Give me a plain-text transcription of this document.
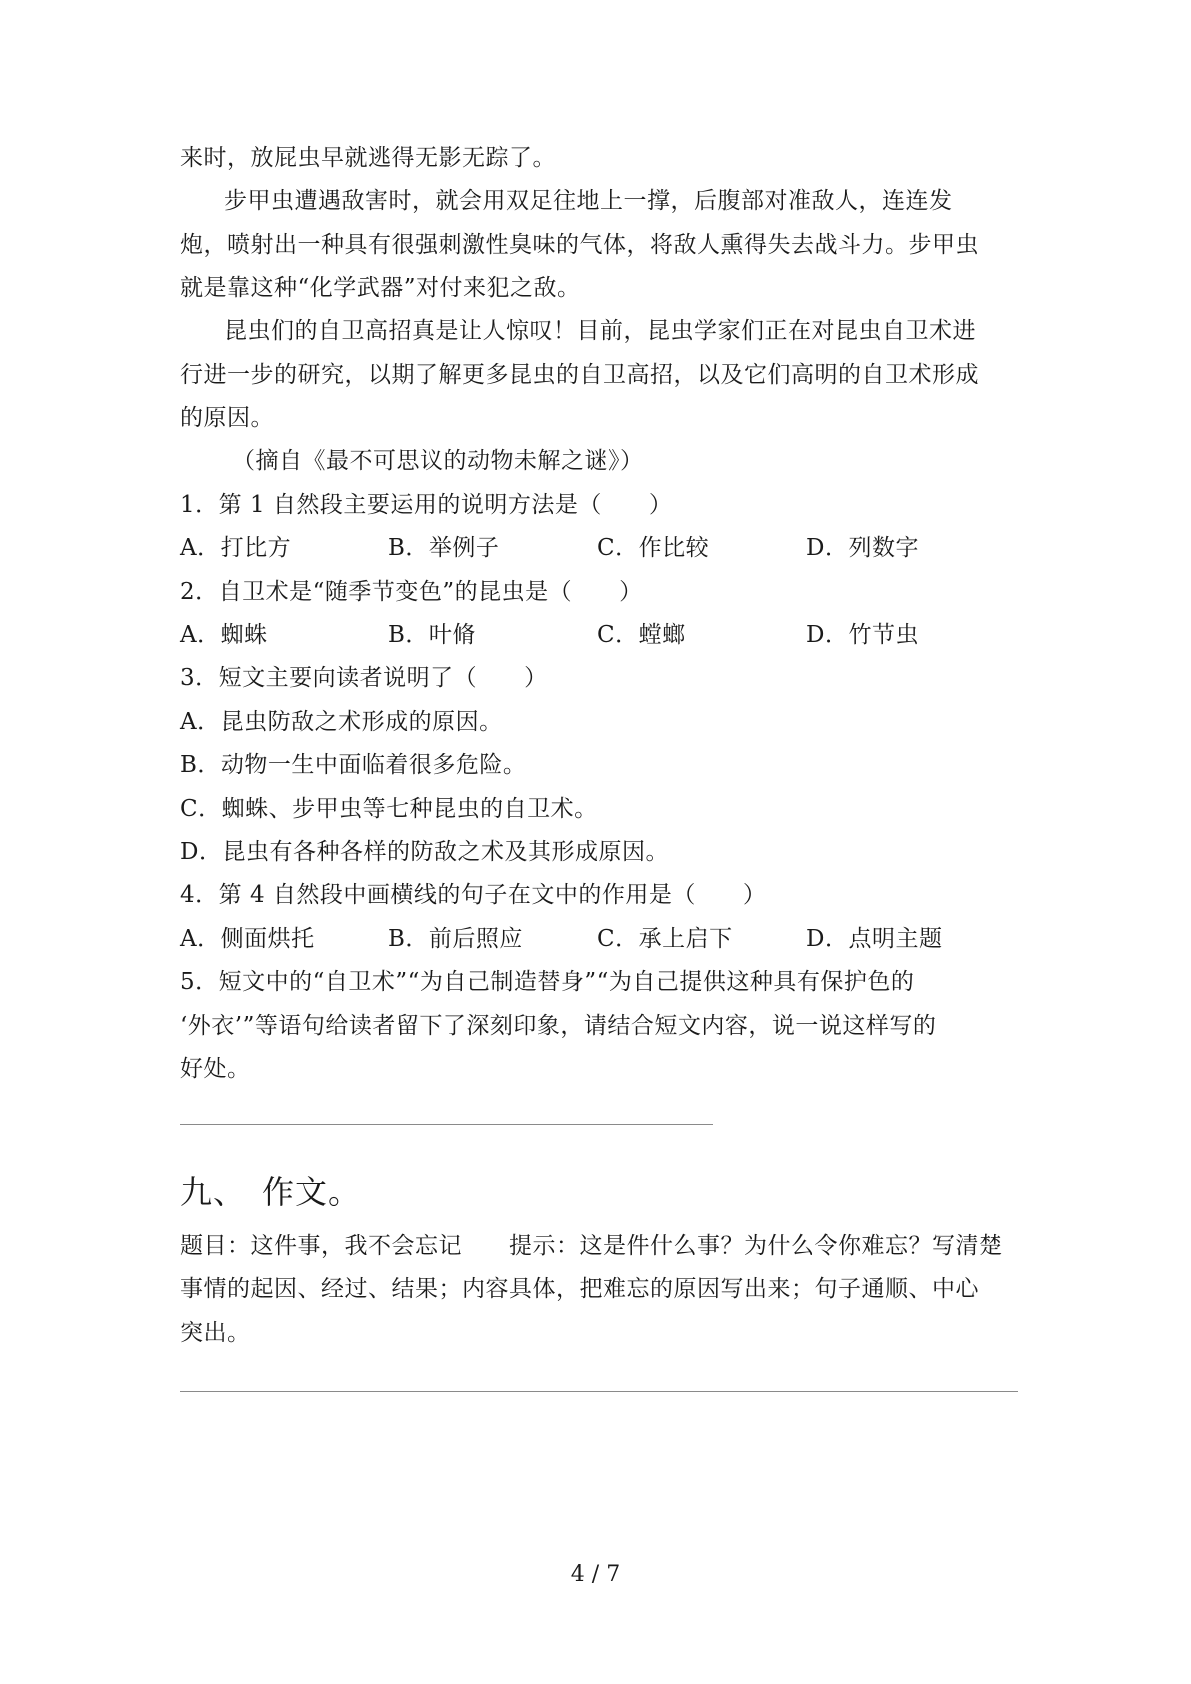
来时，放屁虫早就逃得无影无踪了。
步甲虫遭遇敌害时，就会用双足往地上一撑，后腹部对准敌人，连连发
炮，喷射出一种具有很强刺激性臭味的气体，将敌人熏得失去战斗力。步甲虫
就是靠这种“化学武器”对付来犯之敌。
昆虫们的自卫高招真是让人惊叹！目前，昆虫学家们正在对昆虫自卫术进
行进一步的研究，以期了解更多昆虫的自卫高招，以及它们高明的自卫术形成
的原因。
（摘自《最不可思议的动物未解之谜》）
1．第 1 自然段主要运用的说明方法是（　　）
A．打比方	B．举例子	C．作比较	D．列数字
2．自卫术是“随季节变色”的昆虫是（　　）
A．蜘蛛	B．叶脩	C．螳螂	D．竹节虫
3．短文主要向读者说明了（　　）
A．昆虫防敌之术形成的原因。
B．动物一生中面临着很多危险。
C．蜘蛛、步甲虫等七种昆虫的自卫术。
D．昆虫有各种各样的防敌之术及其形成原因。
4．第 4 自然段中画横线的句子在文中的作用是（　　）
A．侧面烘托	B．前后照应	C．承上启下	D．点明主题
5．短文中的“自卫术”“为自己制造替身”“为自己提供这种具有保护色的
‘外衣’”等语句给读者留下了深刻印象，请结合短文内容，说一说这样写的
好处。
九、 作文。
题目：这件事，我不会忘记　　提示：这是件什么事？为什么令你难忘？写清楚
事情的起因、经过、结果；内容具体，把难忘的原因写出来；句子通顺、中心
突出。
4 / 7
